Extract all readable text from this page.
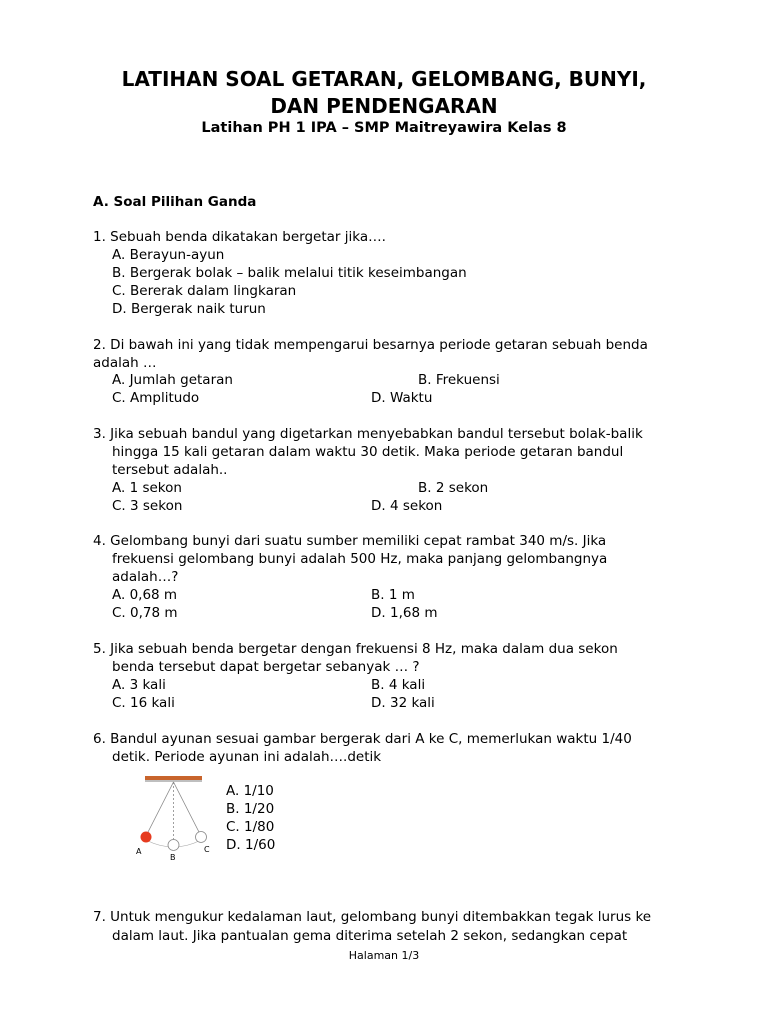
LATIHAN SOAL GETARAN, GELOMBANG, BUNYI,
DAN PENDENGARAN
Latihan PH 1 IPA – SMP Maitreyawira Kelas 8
A. Soal Pilihan Ganda
1. Sebuah benda dikatakan bergetar jika….
A. Berayun-ayun
B. Bergerak bolak – balik melalui titik keseimbangan
C. Bererak dalam lingkaran
D. Bergerak naik turun
2. Di bawah ini yang tidak mempengarui besarnya periode getaran sebuah benda
adalah …
A. Jumlah getaran	B. Frekuensi
C. Amplitudo	D. Waktu
3. Jika sebuah bandul yang digetarkan menyebabkan bandul tersebut bolak-balik
hingga 15 kali getaran dalam waktu 30 detik. Maka periode getaran bandul
tersebut adalah..
A. 1 sekon	B. 2 sekon
C. 3 sekon	D. 4 sekon
4. Gelombang bunyi dari suatu sumber memiliki cepat rambat 340 m/s. Jika
frekuensi gelombang bunyi adalah 500 Hz, maka panjang gelombangnya
adalah…?
A. 0,68 m	B. 1 m
C. 0,78 m	D. 1,68 m
5. Jika sebuah benda bergetar dengan frekuensi 8 Hz, maka dalam dua sekon
benda tersebut dapat bergetar sebanyak … ?
A. 3 kali	B. 4 kali
C. 16 kali	D. 32 kali
6. Bandul ayunan sesuai gambar bergerak dari A ke C, memerlukan waktu 1/40
detik. Periode ayunan ini adalah….detik
A
B
C
A. 1/10
B. 1/20
C. 1/80
D. 1/60
7. Untuk mengukur kedalaman laut, gelombang bunyi ditembakkan tegak lurus ke
dalam laut. Jika pantualan gema diterima setelah 2 sekon, sedangkan cepat
Halaman 1/3
